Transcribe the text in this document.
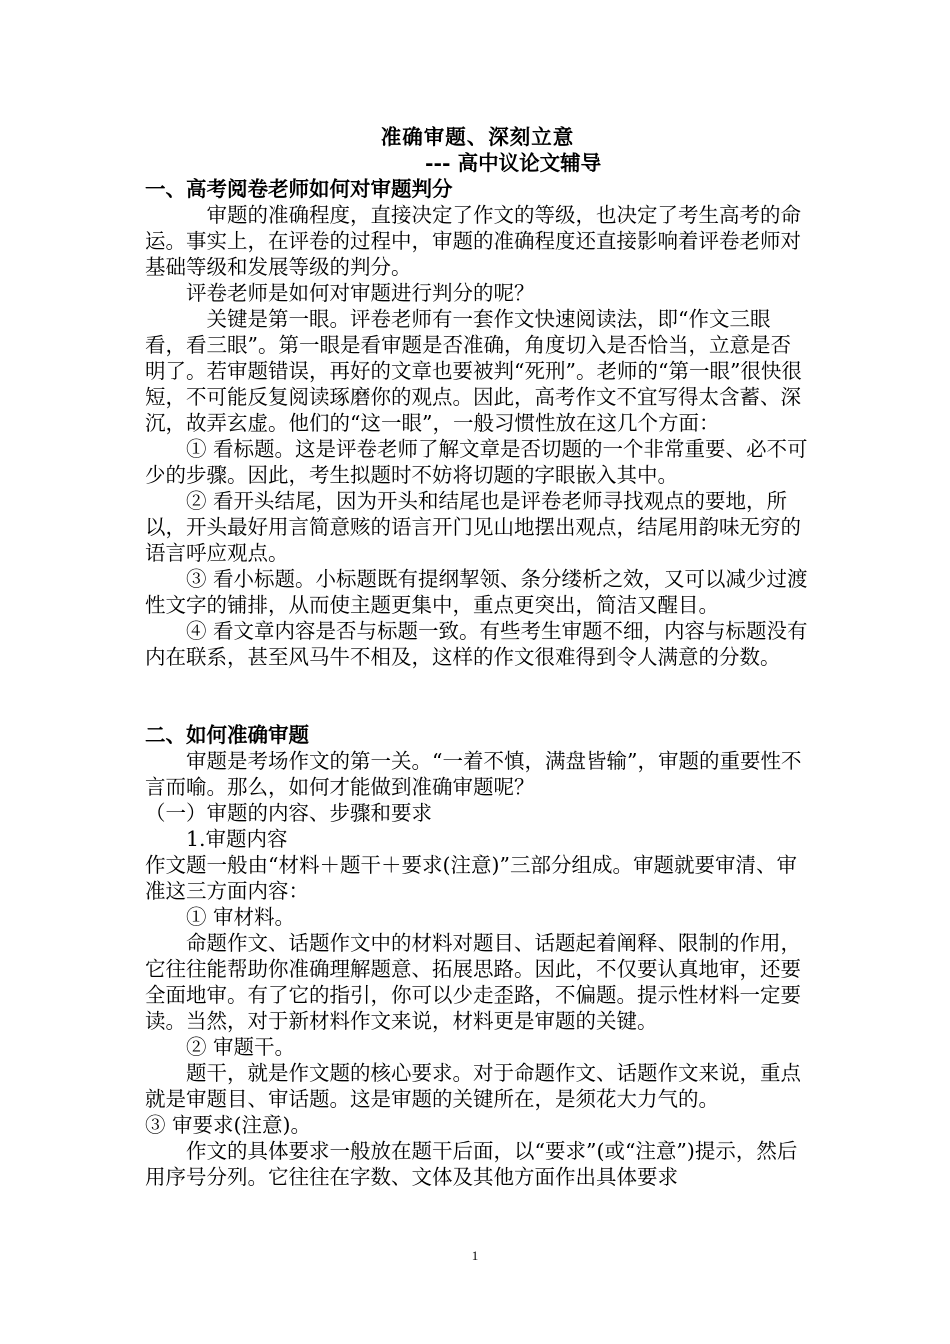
准确审题、深刻立意
--- 高中议论文辅导
一、高考阅卷老师如何对审题判分

审题的准确程度，直接决定了作文的等级，也决定了考生高考的命运。事实上，在评卷的过程中，审题的准确程度还直接影响着评卷老师对基础等级和发展等级的判分。

评卷老师是如何对审题进行判分的呢？

关键是第一眼。评卷老师有一套作文快速阅读法，即“作文三眼看，看三眼”。第一眼是看审题是否准确，角度切入是否恰当，立意是否明了。若审题错误，再好的文章也要被判“死刑”。老师的“第一眼”很快很短，不可能反复阅读琢磨你的观点。因此，高考作文不宜写得太含蓄、深沉，故弄玄虚。他们的“这一眼”，一般习惯性放在这几个方面：

① 看标题。这是评卷老师了解文章是否切题的一个非常重要、必不可少的步骤。因此，考生拟题时不妨将切题的字眼嵌入其中。

② 看开头结尾，因为开头和结尾也是评卷老师寻找观点的要地，所以，开头最好用言简意赅的语言开门见山地摆出观点，结尾用韵味无穷的语言呼应观点。

③ 看小标题。小标题既有提纲挈领、条分缕析之效，又可以减少过渡性文字的铺排，从而使主题更集中，重点更突出，简洁又醒目。

④ 看文章内容是否与标题一致。有些考生审题不细，内容与标题没有内在联系，甚至风马牛不相及，这样的作文很难得到令人满意的分数。

二、如何准确审题

审题是考场作文的第一关。“一着不慎，满盘皆输”，审题的重要性不言而喻。那么，如何才能做到准确审题呢？

（一）审题的内容、步骤和要求

1.审题内容

作文题一般由“材料＋题干＋要求(注意)”三部分组成。审题就要审清、审准这三方面内容：

① 审材料。

命题作文、话题作文中的材料对题目、话题起着阐释、限制的作用，它往往能帮助你准确理解题意、拓展思路。因此，不仅要认真地审，还要全面地审。有了它的指引，你可以少走歪路，不偏题。提示性材料一定要读。当然，对于新材料作文来说，材料更是审题的关键。

② 审题干。

题干，就是作文题的核心要求。对于命题作文、话题作文来说，重点就是审题目、审话题。这是审题的关键所在，是须花大力气的。

③ 审要求(注意)。

作文的具体要求一般放在题干后面，以“要求”(或“注意”)提示，然后用序号分列。它往往在字数、文体及其他方面作出具体要求

1
